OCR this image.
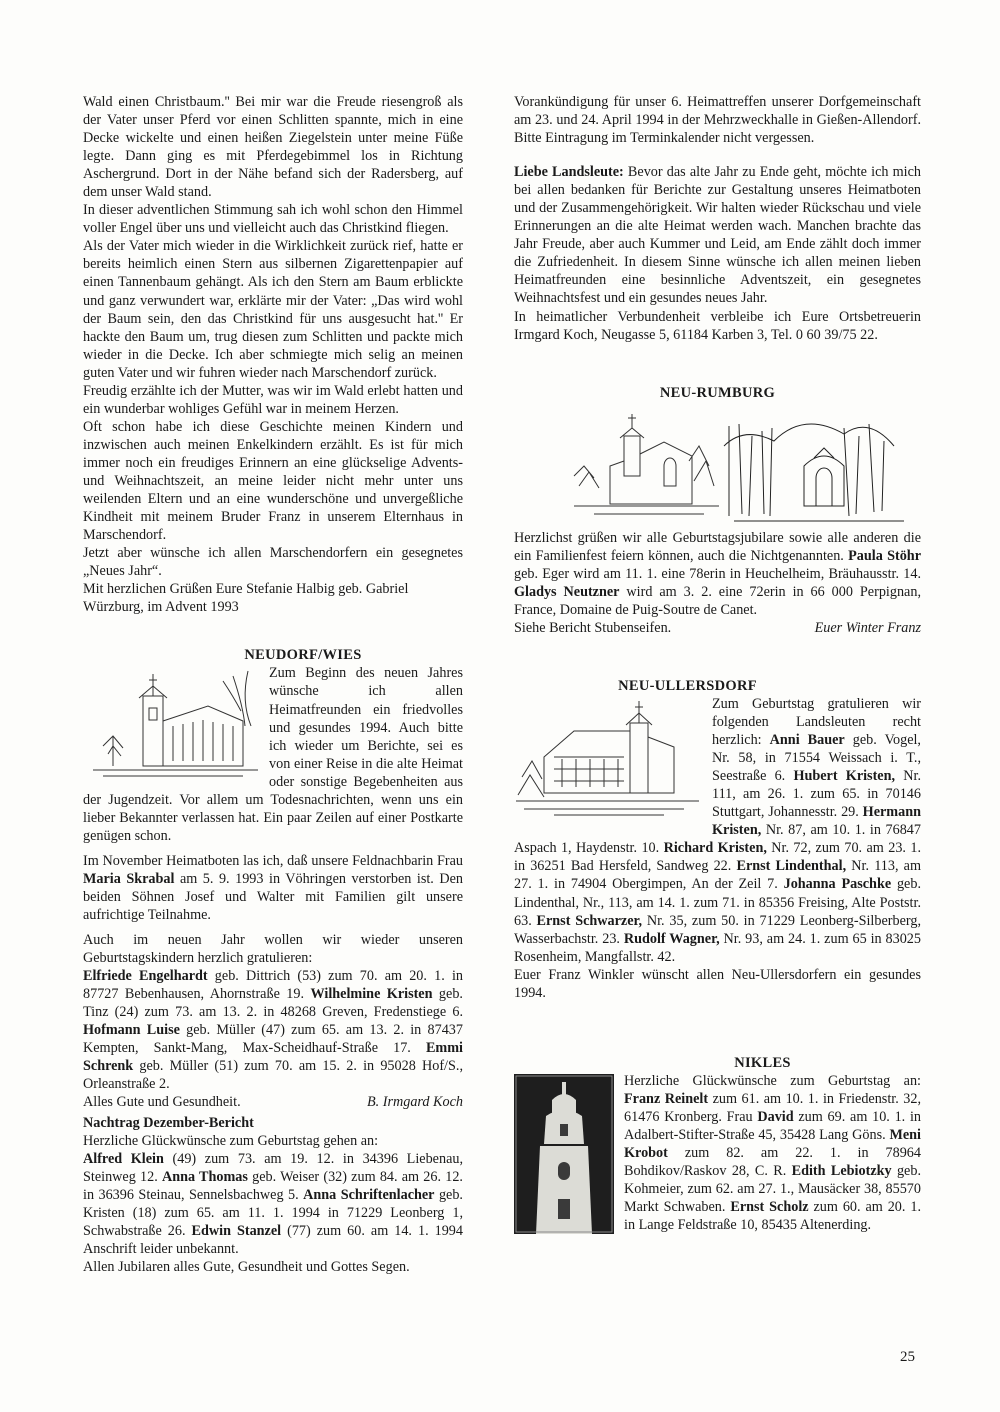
Wald einen Christbaum.'' Bei mir war die Freude riesengroß als der Vater unser Pferd vor einen Schlitten spannte, mich in eine Decke wickelte und einen heißen Ziegelstein unter meine Füße legte. Dann ging es mit Pferdegebimmel los in Richtung Aschergrund. Dort in der Nähe befand sich der Radersberg, auf dem unser Wald stand.

In dieser adventlichen Stimmung sah ich wohl schon den Himmel voller Engel über uns und vielleicht auch das Christkind fliegen.

Als der Vater mich wieder in die Wirklichkeit zurück rief, hatte er bereits heimlich einen Stern aus silbernen Zigarettenpapier auf einen Tannenbaum gehängt. Als ich den Stern am Baum erblickte und ganz verwundert war, erklärte mir der Vater: „Das wird wohl der Baum sein, den das Christkind für uns ausgesucht hat.'' Er hackte den Baum um, trug diesen zum Schlitten und packte mich wieder in die Decke. Ich aber schmiegte mich selig an meinen guten Vater und wir fuhren wieder nach Marschendorf zurück.

Freudig erzählte ich der Mutter, was wir im Wald erlebt hatten und ein wunderbar wohliges Gefühl war in meinem Herzen.

Oft schon habe ich diese Geschichte meinen Kindern und inzwischen auch meinen Enkelkindern erzählt. Es ist für mich immer noch ein freudiges Erinnern an eine glückselige Advents- und Weihnachtszeit, an meine leider nicht mehr unter uns weilenden Eltern und an eine wunderschöne und unvergeßliche Kindheit mit meinem Bruder Franz in unserem Elternhaus in Marschendorf.

Jetzt aber wünsche ich allen Marschendorfern ein gesegnetes „Neues Jahr“.

Mit herzlichen Grüßen Eure Stefanie Halbig geb. Gabriel

Würzburg, im Advent 1993

NEUDORF/WIES

Zum Beginn des neuen Jahres wünsche ich allen Heimatfreunden ein friedvolles und gesundes 1994. Auch bitte ich wieder um Berichte, sei es von einer Reise in die alte Heimat oder sonstige Begebenheiten aus der Jugendzeit. Vor allem um Todesnachrichten, wenn uns ein lieber Bekannter verlassen hat. Ein paar Zeilen auf einer Postkarte genügen schon.

Im November Heimatboten las ich, daß unsere Feldnachbarin Frau Maria Skrabal am 5. 9. 1993 in Vöhringen verstorben ist. Den beiden Söhnen Josef und Walter mit Familien gilt unsere aufrichtige Teilnahme.

Auch im neuen Jahr wollen wir wieder unseren Geburtstagskindern herzlich gratulieren:

Elfriede Engelhardt geb. Dittrich (53) zum 70. am 20. 1. in 87727 Bebenhausen, Ahornstraße 19. Wilhelmine Kristen geb. Tinz (24) zum 73. am 13. 2. in 48268 Greven, Fredenstiege 6. Hofmann Luise geb. Müller (47) zum 65. am 13. 2. in 87437 Kempten, Sankt-Mang, Max-Scheidhauf-Straße 17. Emmi Schrenk geb. Müller (51) zum 70. am 15. 2. in 95028 Hof/S., Orleanstraße 2.

Alles Gute und Gesundheit.	B. Irmgard Koch

Nachtrag Dezember-Bericht

Herzliche Glückwünsche zum Geburtstag gehen an:

Alfred Klein (49) zum 73. am 19. 12. in 34396 Liebenau, Steinweg 12. Anna Thomas geb. Weiser (32) zum 84. am 26. 12. in 36396 Steinau, Sennelsbachweg 5. Anna Schriftenlacher geb. Kristen (18) zum 65. am 11. 1. 1994 in 71229 Leonberg 1, Schwabstraße 26. Edwin Stanzel (77) zum 60. am 14. 1. 1994 Anschrift leider unbekannt.

Allen Jubilaren alles Gute, Gesundheit und Gottes Segen.

Vorankündigung für unser 6. Heimattreffen unserer Dorfgemeinschaft am 23. und 24. April 1994 in der Mehrzweckhalle in Gießen-Allendorf. Bitte Eintragung im Terminkalender nicht vergessen.

Liebe Landsleute: Bevor das alte Jahr zu Ende geht, möchte ich mich bei allen bedanken für Berichte zur Gestaltung unseres Heimatboten und der Zusammengehörigkeit. Wir halten wieder Rückschau und viele Erinnerungen an die alte Heimat werden wach. Manchen brachte das Jahr Freude, aber auch Kummer und Leid, am Ende zählt doch immer die Zufriedenheit. In diesem Sinne wünsche ich allen meinen lieben Heimatfreunden eine besinnliche Adventszeit, ein gesegnetes Weihnachtsfest und ein gesundes neues Jahr.

In heimatlicher Verbundenheit verbleibe ich Eure Ortsbetreuerin Irmgard Koch, Neugasse 5, 61184 Karben 3, Tel. 0 60 39/75 22.

NEU-RUMBURG

Herzlichst grüßen wir alle Geburtstagsjubilare sowie alle anderen die ein Familienfest feiern können, auch die Nichtgenannten. Paula Stöhr geb. Eger wird am 11. 1. eine 78erin in Heuchelheim, Bräuhausstr. 14. Gladys Neutzner wird am 3. 2. eine 72erin in 66 000 Perpignan, France, Domaine de Puig-Soutre de Canet.

Siehe Bericht Stubenseifen.	Euer Winter Franz

NEU-ULLERSDORF

Zum Geburtstag gratulieren wir folgenden Landsleuten recht herzlich: Anni Bauer geb. Vogel, Nr. 58, in 71554 Weissach i. T., Seestraße 6. Hubert Kristen, Nr. 111, am 26. 1. zum 65. in 70146 Stuttgart, Johannesstr. 29. Hermann Kristen, Nr. 87, am 10. 1. in 76847 Aspach 1, Haydenstr. 10. Richard Kristen, Nr. 72, zum 70. am 23. 1. in 36251 Bad Hersfeld, Sandweg 22. Ernst Lindenthal, Nr. 113, am 27. 1. in 74904 Obergimpen, An der Zeil 7. Johanna Paschke geb. Lindenthal, Nr., 113, am 14. 1. zum 71. in 85356 Freising, Alte Poststr. 63. Ernst Schwarzer, Nr. 35, zum 50. in 71229 Leonberg-Silberberg, Wasserbachstr. 23. Rudolf Wagner, Nr. 93, am 24. 1. zum 65 in 83025 Rosenheim, Mangfallstr. 42.

Euer Franz Winkler wünscht allen Neu-Ullersdorfern ein gesundes 1994.

NIKLES

Herzliche Glückwünsche zum Geburtstag an: Franz Reinelt zum 61. am 10. 1. in Friedenstr. 32, 61476 Kronberg. Frau David zum 69. am 10. 1. in Adalbert-Stifter-Straße 45, 35428 Lang Göns. Meni Krobot zum 82. am 22. 1. in 78964 Bohdikov/Raskov 28, C. R. Edith Lebiotzky geb. Kohmeier, zum 62. am 27. 1., Mausäcker 38, 85570 Markt Schwaben. Ernst Scholz zum 60. am 20. 1. in Lange Feldstraße 10, 85435 Altenerding.

25
